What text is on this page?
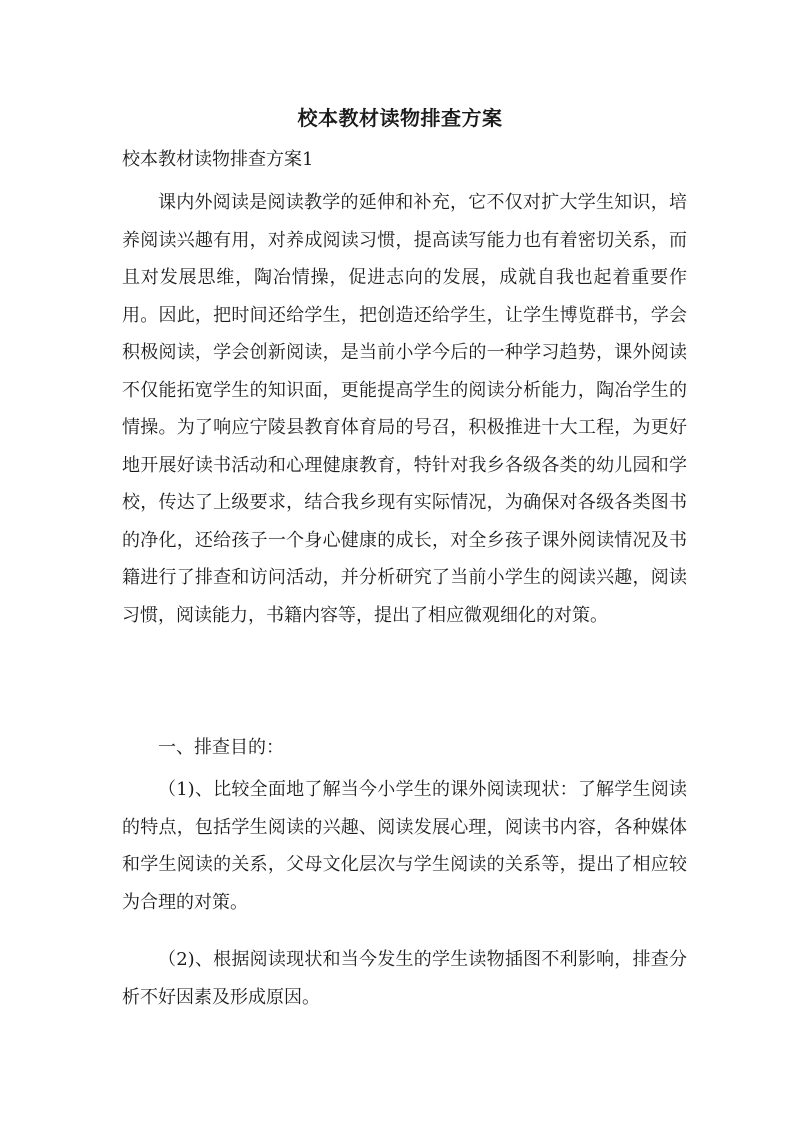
校本教材读物排查方案
校本教材读物排查方案1
课内外阅读是阅读教学的延伸和补充，它不仅对扩大学生知识，培养阅读兴趣有用，对养成阅读习惯，提高读写能力也有着密切关系，而且对发展思维，陶冶情操，促进志向的发展，成就自我也起着重要作用。因此，把时间还给学生，把创造还给学生，让学生博览群书，学会积极阅读，学会创新阅读，是当前小学今后的一种学习趋势，课外阅读不仅能拓宽学生的知识面，更能提高学生的阅读分析能力，陶冶学生的情操。为了响应宁陵县教育体育局的号召，积极推进十大工程，为更好地开展好读书活动和心理健康教育，特针对我乡各级各类的幼儿园和学校，传达了上级要求，结合我乡现有实际情况，为确保对各级各类图书的净化，还给孩子一个身心健康的成长，对全乡孩子课外阅读情况及书籍进行了排查和访问活动，并分析研究了当前小学生的阅读兴趣，阅读习惯，阅读能力，书籍内容等，提出了相应微观细化的对策。
一、排查目的：
（1)、比较全面地了解当今小学生的课外阅读现状：了解学生阅读的特点，包括学生阅读的兴趣、阅读发展心理，阅读书内容，各种媒体和学生阅读的关系，父母文化层次与学生阅读的关系等，提出了相应较为合理的对策。
（2)、根据阅读现状和当今发生的学生读物插图不利影响，排查分析不好因素及形成原因。
